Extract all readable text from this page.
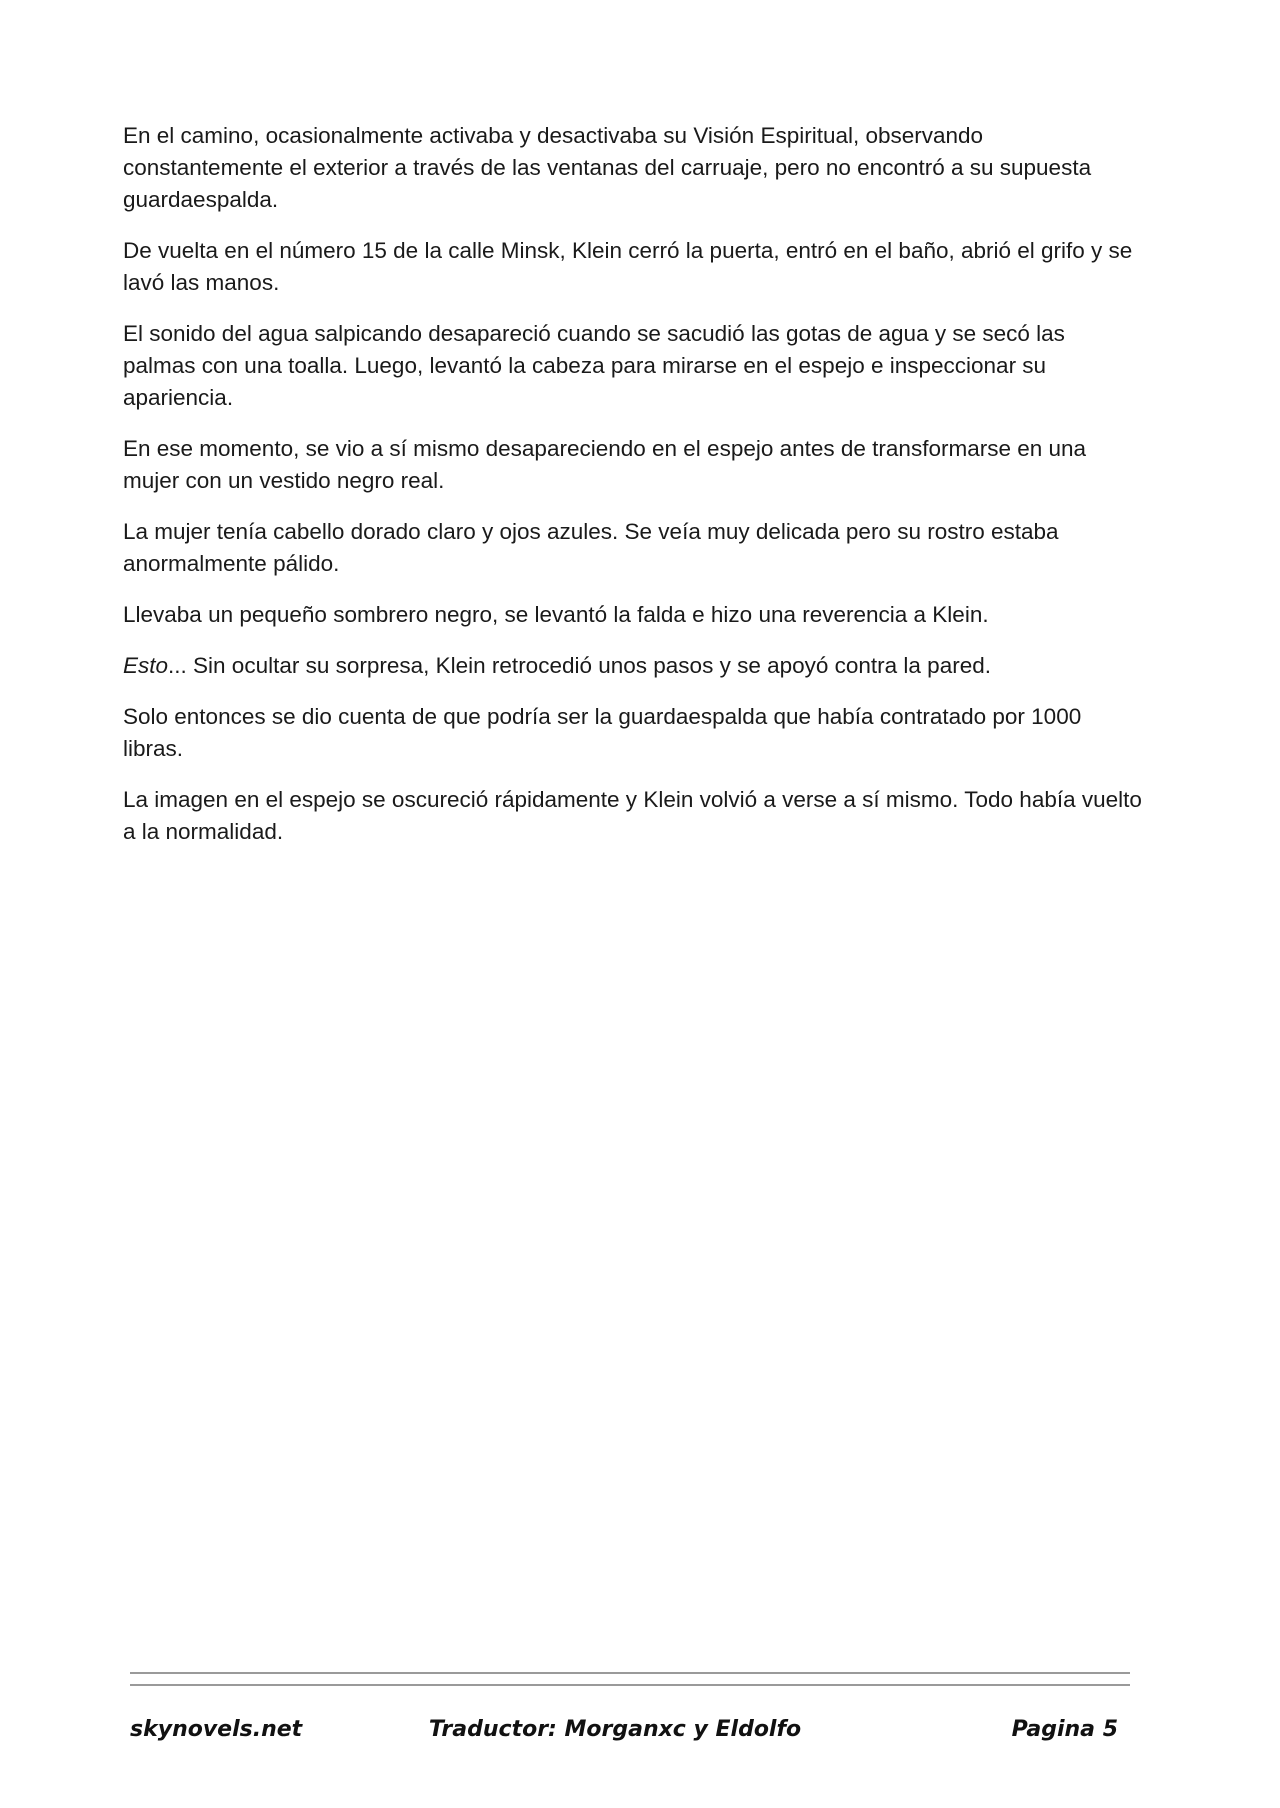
En el camino, ocasionalmente activaba y desactivaba su Visión Espiritual, observando constantemente el exterior a través de las ventanas del carruaje, pero no encontró a su supuesta guardaespalda.

De vuelta en el número 15 de la calle Minsk, Klein cerró la puerta, entró en el baño, abrió el grifo y se lavó las manos.

El sonido del agua salpicando desapareció cuando se sacudió las gotas de agua y se secó las palmas con una toalla. Luego, levantó la cabeza para mirarse en el espejo e inspeccionar su apariencia.

En ese momento, se vio a sí mismo desapareciendo en el espejo antes de transformarse en una mujer con un vestido negro real.

La mujer tenía cabello dorado claro y ojos azules. Se veía muy delicada pero su rostro estaba anormalmente pálido.

Llevaba un pequeño sombrero negro, se levantó la falda e hizo una reverencia a Klein.

Esto... Sin ocultar su sorpresa, Klein retrocedió unos pasos y se apoyó contra la pared.

Solo entonces se dio cuenta de que podría ser la guardaespalda que había contratado por 1000 libras.

La imagen en el espejo se oscureció rápidamente y Klein volvió a verse a sí mismo. Todo había vuelto a la normalidad.

skynovels.net	Traductor: Morganxc y Eldolfo	Pagina 5
